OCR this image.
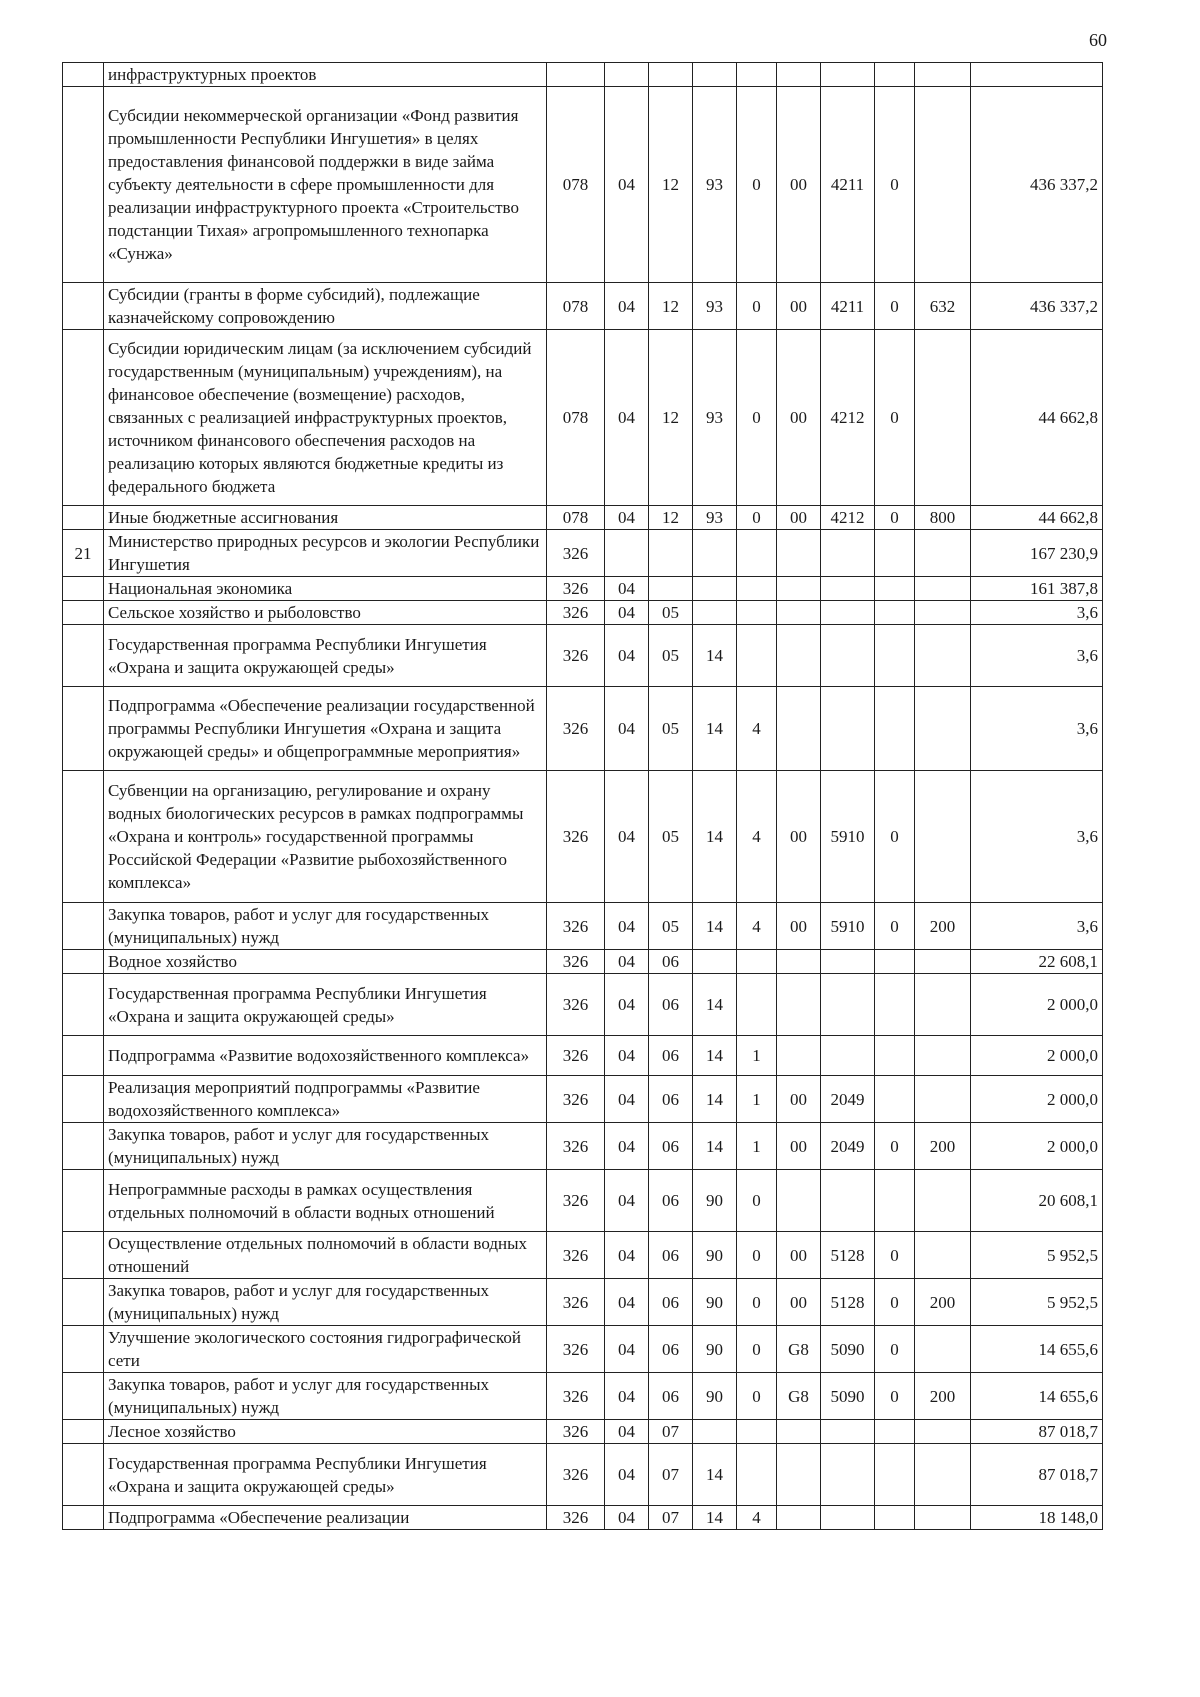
60
	инфраструктурных проектов										
	Субсидии некоммерческой организации «Фонд развития промышленности Республики Ингушетия» в целях предоставления финансовой поддержки в виде займа субъекту деятельности в сфере промышленности для реализации инфраструктурного проекта «Строительство подстанции Тихая» агропромышленного технопарка «Сунжа»	078	04	12	93	0	00	4211	0		436 337,2
	Субсидии (гранты в форме субсидий), подлежащие казначейскому сопровождению	078	04	12	93	0	00	4211	0	632	436 337,2
	Субсидии юридическим лицам (за исключением субсидий государственным (муниципальным) учреждениям), на финансовое обеспечение (возмещение) расходов, связанных с реализацией инфраструктурных проектов, источником финансового обеспечения расходов на реализацию которых являются бюджетные кредиты из федерального бюджета	078	04	12	93	0	00	4212	0		44 662,8
	Иные бюджетные ассигнования	078	04	12	93	0	00	4212	0	800	44 662,8
21	Министерство природных ресурсов и экологии Республики Ингушетия	326									167 230,9
	Национальная экономика	326	04								161 387,8
	Сельское хозяйство и рыболовство	326	04	05							3,6
	Государственная программа Республики Ингушетия «Охрана и защита окружающей среды»	326	04	05	14						3,6
	Подпрограмма «Обеспечение реализации государственной программы Республики Ингушетия «Охрана и защита окружающей среды» и общепрограммные мероприятия»	326	04	05	14	4					3,6
	Субвенции на организацию, регулирование и охрану водных биологических ресурсов в рамках подпрограммы «Охрана и контроль» государственной программы Российской Федерации «Развитие рыбохозяйственного комплекса»	326	04	05	14	4	00	5910	0		3,6
	Закупка товаров, работ и услуг для государственных (муниципальных) нужд	326	04	05	14	4	00	5910	0	200	3,6
	Водное хозяйство	326	04	06							22 608,1
	Государственная программа Республики Ингушетия «Охрана и защита окружающей среды»	326	04	06	14						2 000,0
	Подпрограмма «Развитие водохозяйственного комплекса»	326	04	06	14	1					2 000,0
	Реализация мероприятий подпрограммы «Развитие водохозяйственного комплекса»	326	04	06	14	1	00	2049			2 000,0
	Закупка товаров, работ и услуг для государственных (муниципальных) нужд	326	04	06	14	1	00	2049	0	200	2 000,0
	Непрограммные расходы в рамках осуществления отдельных полномочий в области водных отношений	326	04	06	90	0					20 608,1
	Осуществление отдельных полномочий в области водных отношений	326	04	06	90	0	00	5128	0		5 952,5
	Закупка товаров, работ и услуг для государственных (муниципальных) нужд	326	04	06	90	0	00	5128	0	200	5 952,5
	Улучшение экологического состояния гидрографической сети	326	04	06	90	0	G8	5090	0		14 655,6
	Закупка товаров, работ и услуг для государственных (муниципальных) нужд	326	04	06	90	0	G8	5090	0	200	14 655,6
	Лесное хозяйство	326	04	07							87 018,7
	Государственная программа Республики Ингушетия «Охрана и защита окружающей среды»	326	04	07	14						87 018,7
	Подпрограмма «Обеспечение реализации	326	04	07	14	4					18 148,0
